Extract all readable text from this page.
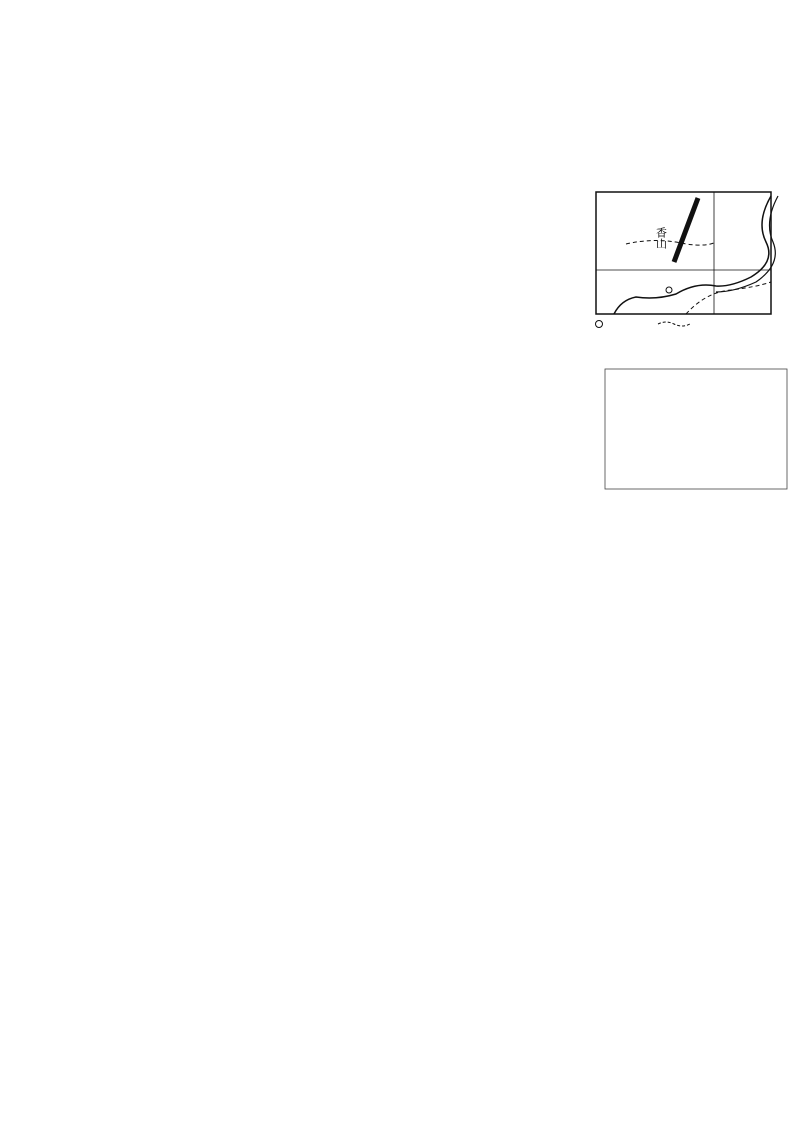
香山
